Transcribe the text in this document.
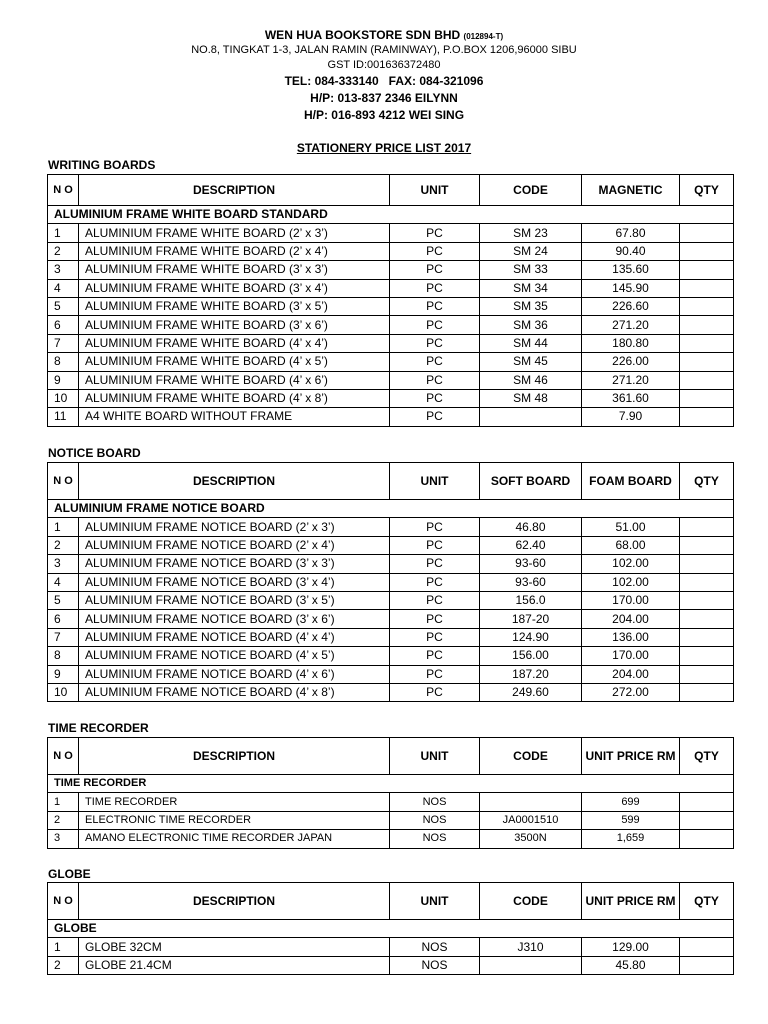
WEN HUA BOOKSTORE SDN BHD (012894-T)
NO.8, TINGKAT 1-3, JALAN RAMIN (RAMINWAY), P.O.BOX 1206,96000 SIBU
GST ID:001636372480
TEL: 084-333140   FAX: 084-321096
H/P: 013-837 2346 EILYNN
H/P: 016-893 4212 WEI SING
STATIONERY PRICE LIST 2017
WRITING BOARDS
NOTICE BOARD
TIME RECORDER
GLOBE
N O	DESCRIPTION	UNIT	CODE	MAGNETIC	QTY
ALUMINIUM FRAME WHITE BOARD STANDARD					
1	ALUMINIUM FRAME WHITE BOARD (2’ x 3’)	PC	SM 23	67.80	
2	ALUMINIUM FRAME WHITE BOARD (2’ x 4’)	PC	SM 24	90.40	
3	ALUMINIUM FRAME WHITE BOARD (3’ x 3’)	PC	SM 33	135.60	
4	ALUMINIUM FRAME WHITE BOARD (3’ x 4’)	PC	SM 34	145.90	
5	ALUMINIUM FRAME WHITE BOARD (3’ x 5’)	PC	SM 35	226.60	
6	ALUMINIUM FRAME WHITE BOARD (3’ x 6’)	PC	SM 36	271.20	
7	ALUMINIUM FRAME WHITE BOARD (4’ x 4’)	PC	SM 44	180.80	
8	ALUMINIUM FRAME WHITE BOARD (4’ x 5’)	PC	SM 45	226.00	
9	ALUMINIUM FRAME WHITE BOARD (4’ x 6’)	PC	SM 46	271.20	
10	ALUMINIUM FRAME WHITE BOARD (4’ x 8’)	PC	SM 48	361.60	
11	A4 WHITE BOARD WITHOUT FRAME	PC		7.90	
N O	DESCRIPTION	UNIT	SOFT BOARD	FOAM BOARD	QTY
ALUMINIUM FRAME NOTICE BOARD					
1	ALUMINIUM FRAME NOTICE BOARD (2’ x 3’)	PC	46.80	51.00	
2	ALUMINIUM FRAME NOTICE BOARD (2’ x 4’)	PC	62.40	68.00	
3	ALUMINIUM FRAME NOTICE BOARD (3’ x 3’)	PC	93-60	102.00	
4	ALUMINIUM FRAME NOTICE BOARD (3’ x 4’)	PC	93-60	102.00	
5	ALUMINIUM FRAME NOTICE BOARD (3’ x 5’)	PC	156.0	170.00	
6	ALUMINIUM FRAME NOTICE BOARD (3’ x 6’)	PC	187-20	204.00	
7	ALUMINIUM FRAME NOTICE BOARD (4’ x 4’)	PC	124.90	136.00	
8	ALUMINIUM FRAME NOTICE BOARD (4’ x 5’)	PC	156.00	170.00	
9	ALUMINIUM FRAME NOTICE BOARD (4’ x 6’)	PC	187.20	204.00	
10	ALUMINIUM FRAME NOTICE BOARD (4’ x 8’)	PC	249.60	272.00	
N O	DESCRIPTION	UNIT	CODE	UNIT PRICE RM	QTY
TIME RECORDER					
1	TIME RECORDER	NOS		699	
2	ELECTRONIC TIME RECORDER	NOS	JA0001510	599	
3	AMANO ELECTRONIC TIME RECORDER JAPAN	NOS	3500N	1,659	
N O	DESCRIPTION	UNIT	CODE	UNIT PRICE RM	QTY
GLOBE					
1	GLOBE 32CM	NOS	J310	129.00	
2	GLOBE 21.4CM	NOS		45.80	
